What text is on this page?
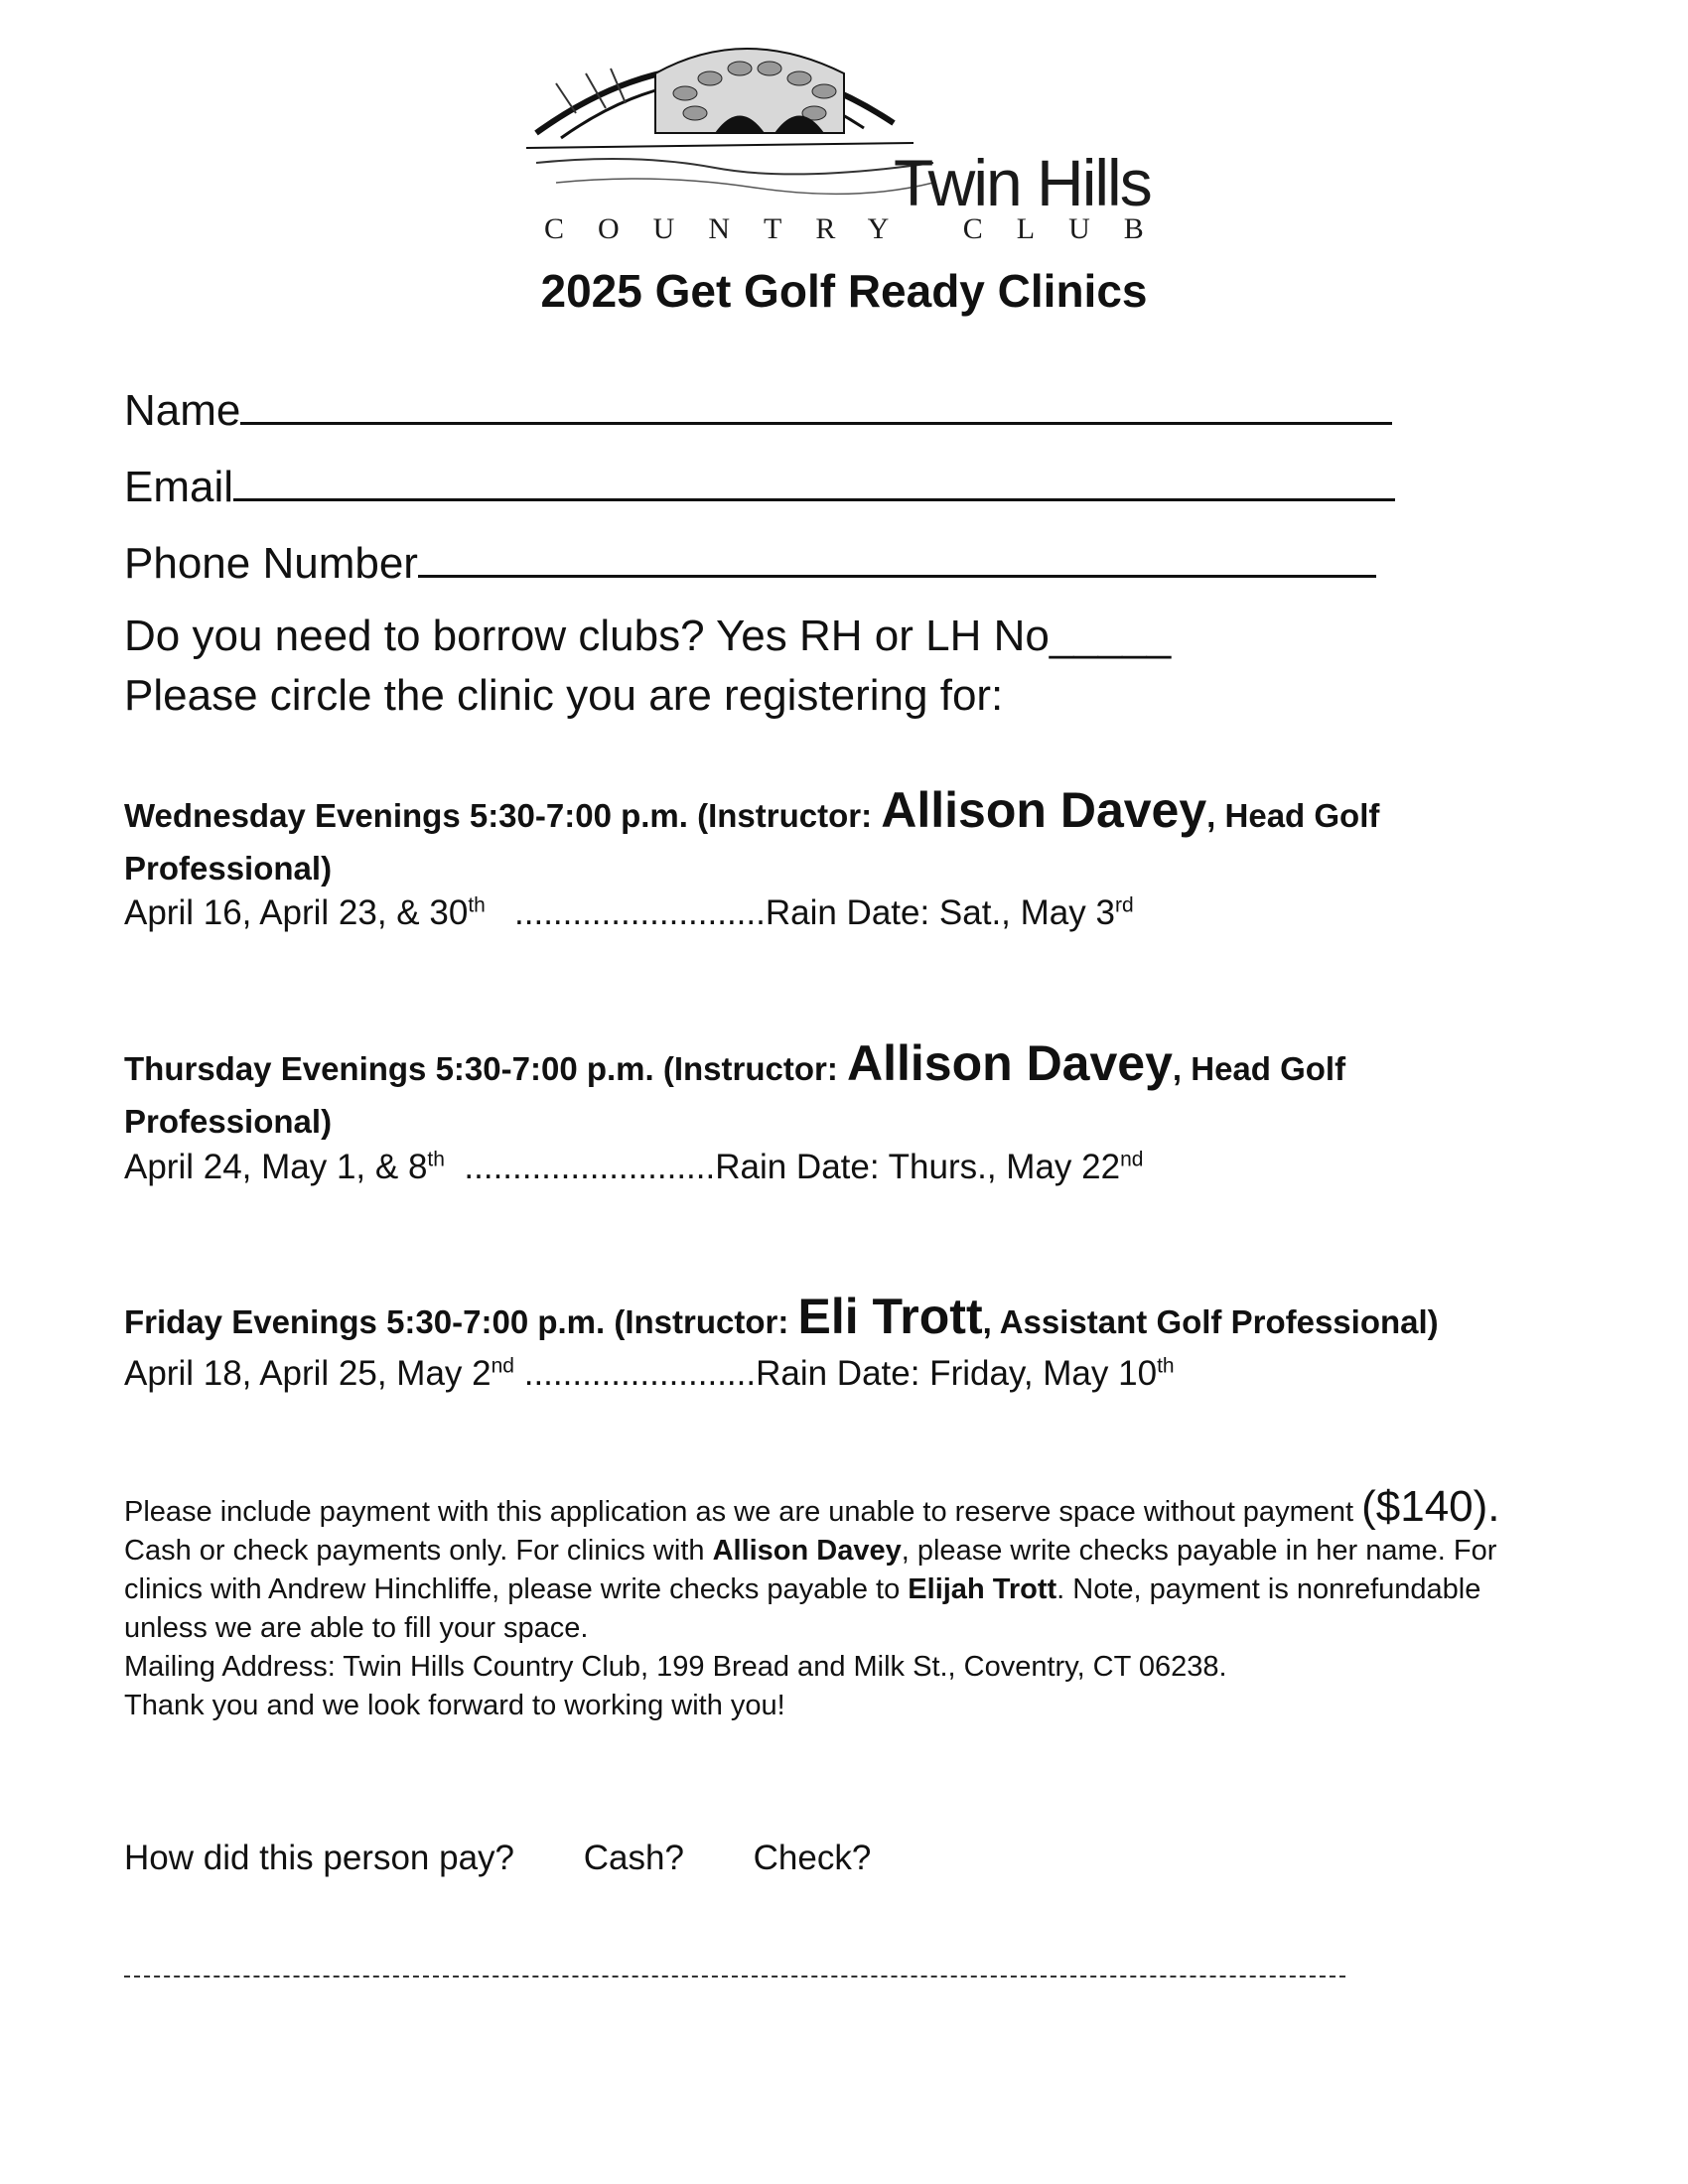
Twin Hills
COUNTRY CLUB
2025 Get Golf Ready Clinics
Name
Email
Phone Number
Do you need to borrow clubs? Yes RH or LH No_____
Please circle the clinic you are registering for:
Wednesday Evenings 5:30-7:00 p.m. (Instructor: Allison Davey, Head Golf Professional)
April 16, April 23, & 30th ..........................Rain Date: Sat., May 3rd
Thursday Evenings 5:30-7:00 p.m. (Instructor: Allison Davey, Head Golf Professional)
April 24, May 1, & 8th ..........................Rain Date: Thurs., May 22nd
Friday Evenings 5:30-7:00 p.m. (Instructor: Eli Trott, Assistant Golf Professional)
April 18, April 25, May 2nd ........................Rain Date: Friday, May 10th
Please include payment with this application as we are unable to reserve space without payment ($140).
Cash or check payments only. For clinics with Allison Davey, please write checks payable in her name. For clinics with Andrew Hinchliffe, please write checks payable to Elijah Trott. Note, payment is nonrefundable unless we are able to fill your space.
Mailing Address: Twin Hills Country Club, 199 Bread and Milk St., Coventry, CT 06238.
Thank you and we look forward to working with you!
How did this person pay? Cash? Check?
